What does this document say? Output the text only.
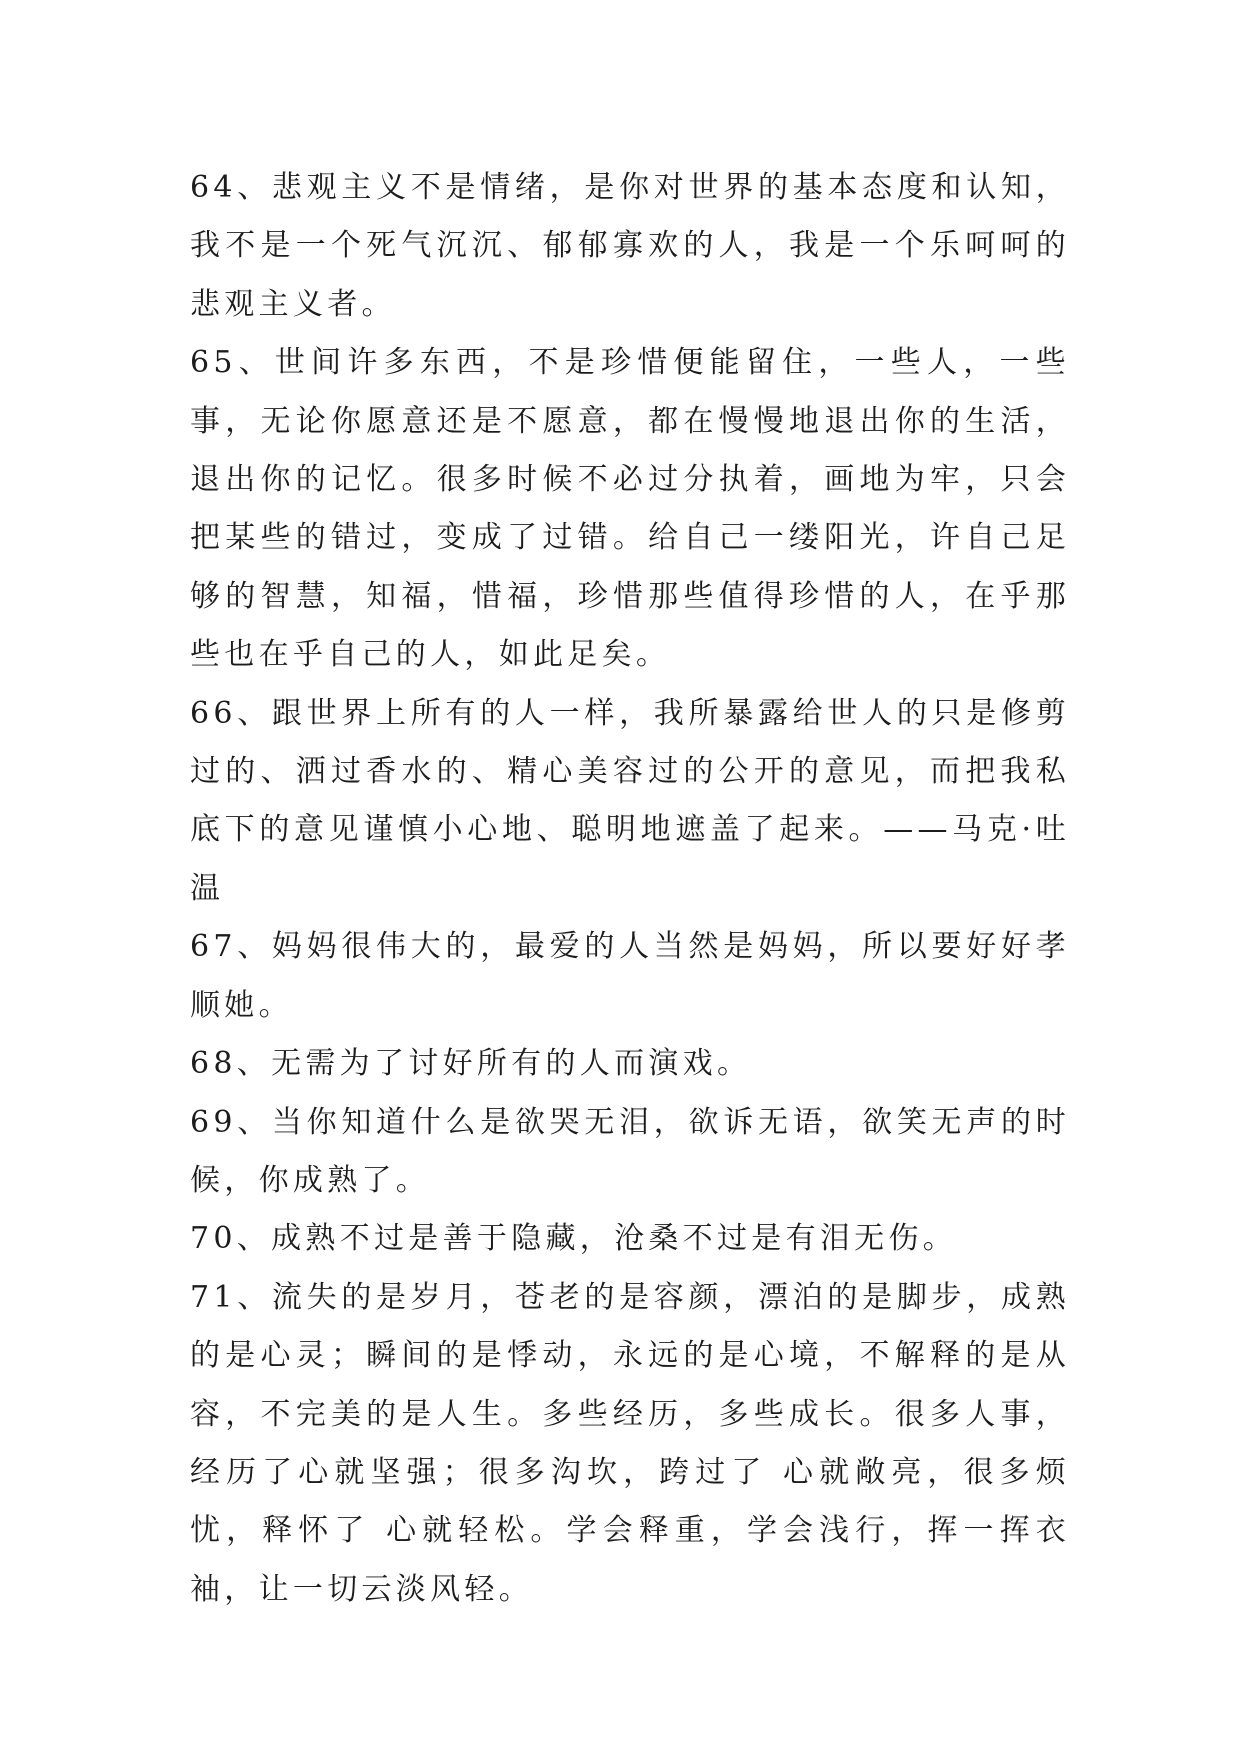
64、悲观主义不是情绪，是你对世界的基本态度和认知，我不是一个死气沉沉、郁郁寡欢的人，我是一个乐呵呵的悲观主义者。

65、世间许多东西，不是珍惜便能留住，一些人，一些事，无论你愿意还是不愿意，都在慢慢地退出你的生活，退出你的记忆。很多时候不必过分执着，画地为牢，只会把某些的错过，变成了过错。给自己一缕阳光，许自己足够的智慧，知福，惜福，珍惜那些值得珍惜的人，在乎那些也在乎自己的人，如此足矣。

66、跟世界上所有的人一样，我所暴露给世人的只是修剪过的、洒过香水的、精心美容过的公开的意见，而把我私底下的意见谨慎小心地、聪明地遮盖了起来。——马克·吐温

67、妈妈很伟大的，最爱的人当然是妈妈，所以要好好孝顺她。

68、无需为了讨好所有的人而演戏。

69、当你知道什么是欲哭无泪，欲诉无语，欲笑无声的时候，你成熟了。

70、成熟不过是善于隐藏，沧桑不过是有泪无伤。

71、流失的是岁月，苍老的是容颜，漂泊的是脚步，成熟的是心灵；瞬间的是悸动，永远的是心境，不解释的是从容，不完美的是人生。多些经历，多些成长。很多人事，经历了心就坚强；很多沟坎，跨过了 心就敞亮，很多烦忧，释怀了 心就轻松。学会释重，学会浅行，挥一挥衣袖，让一切云淡风轻。
